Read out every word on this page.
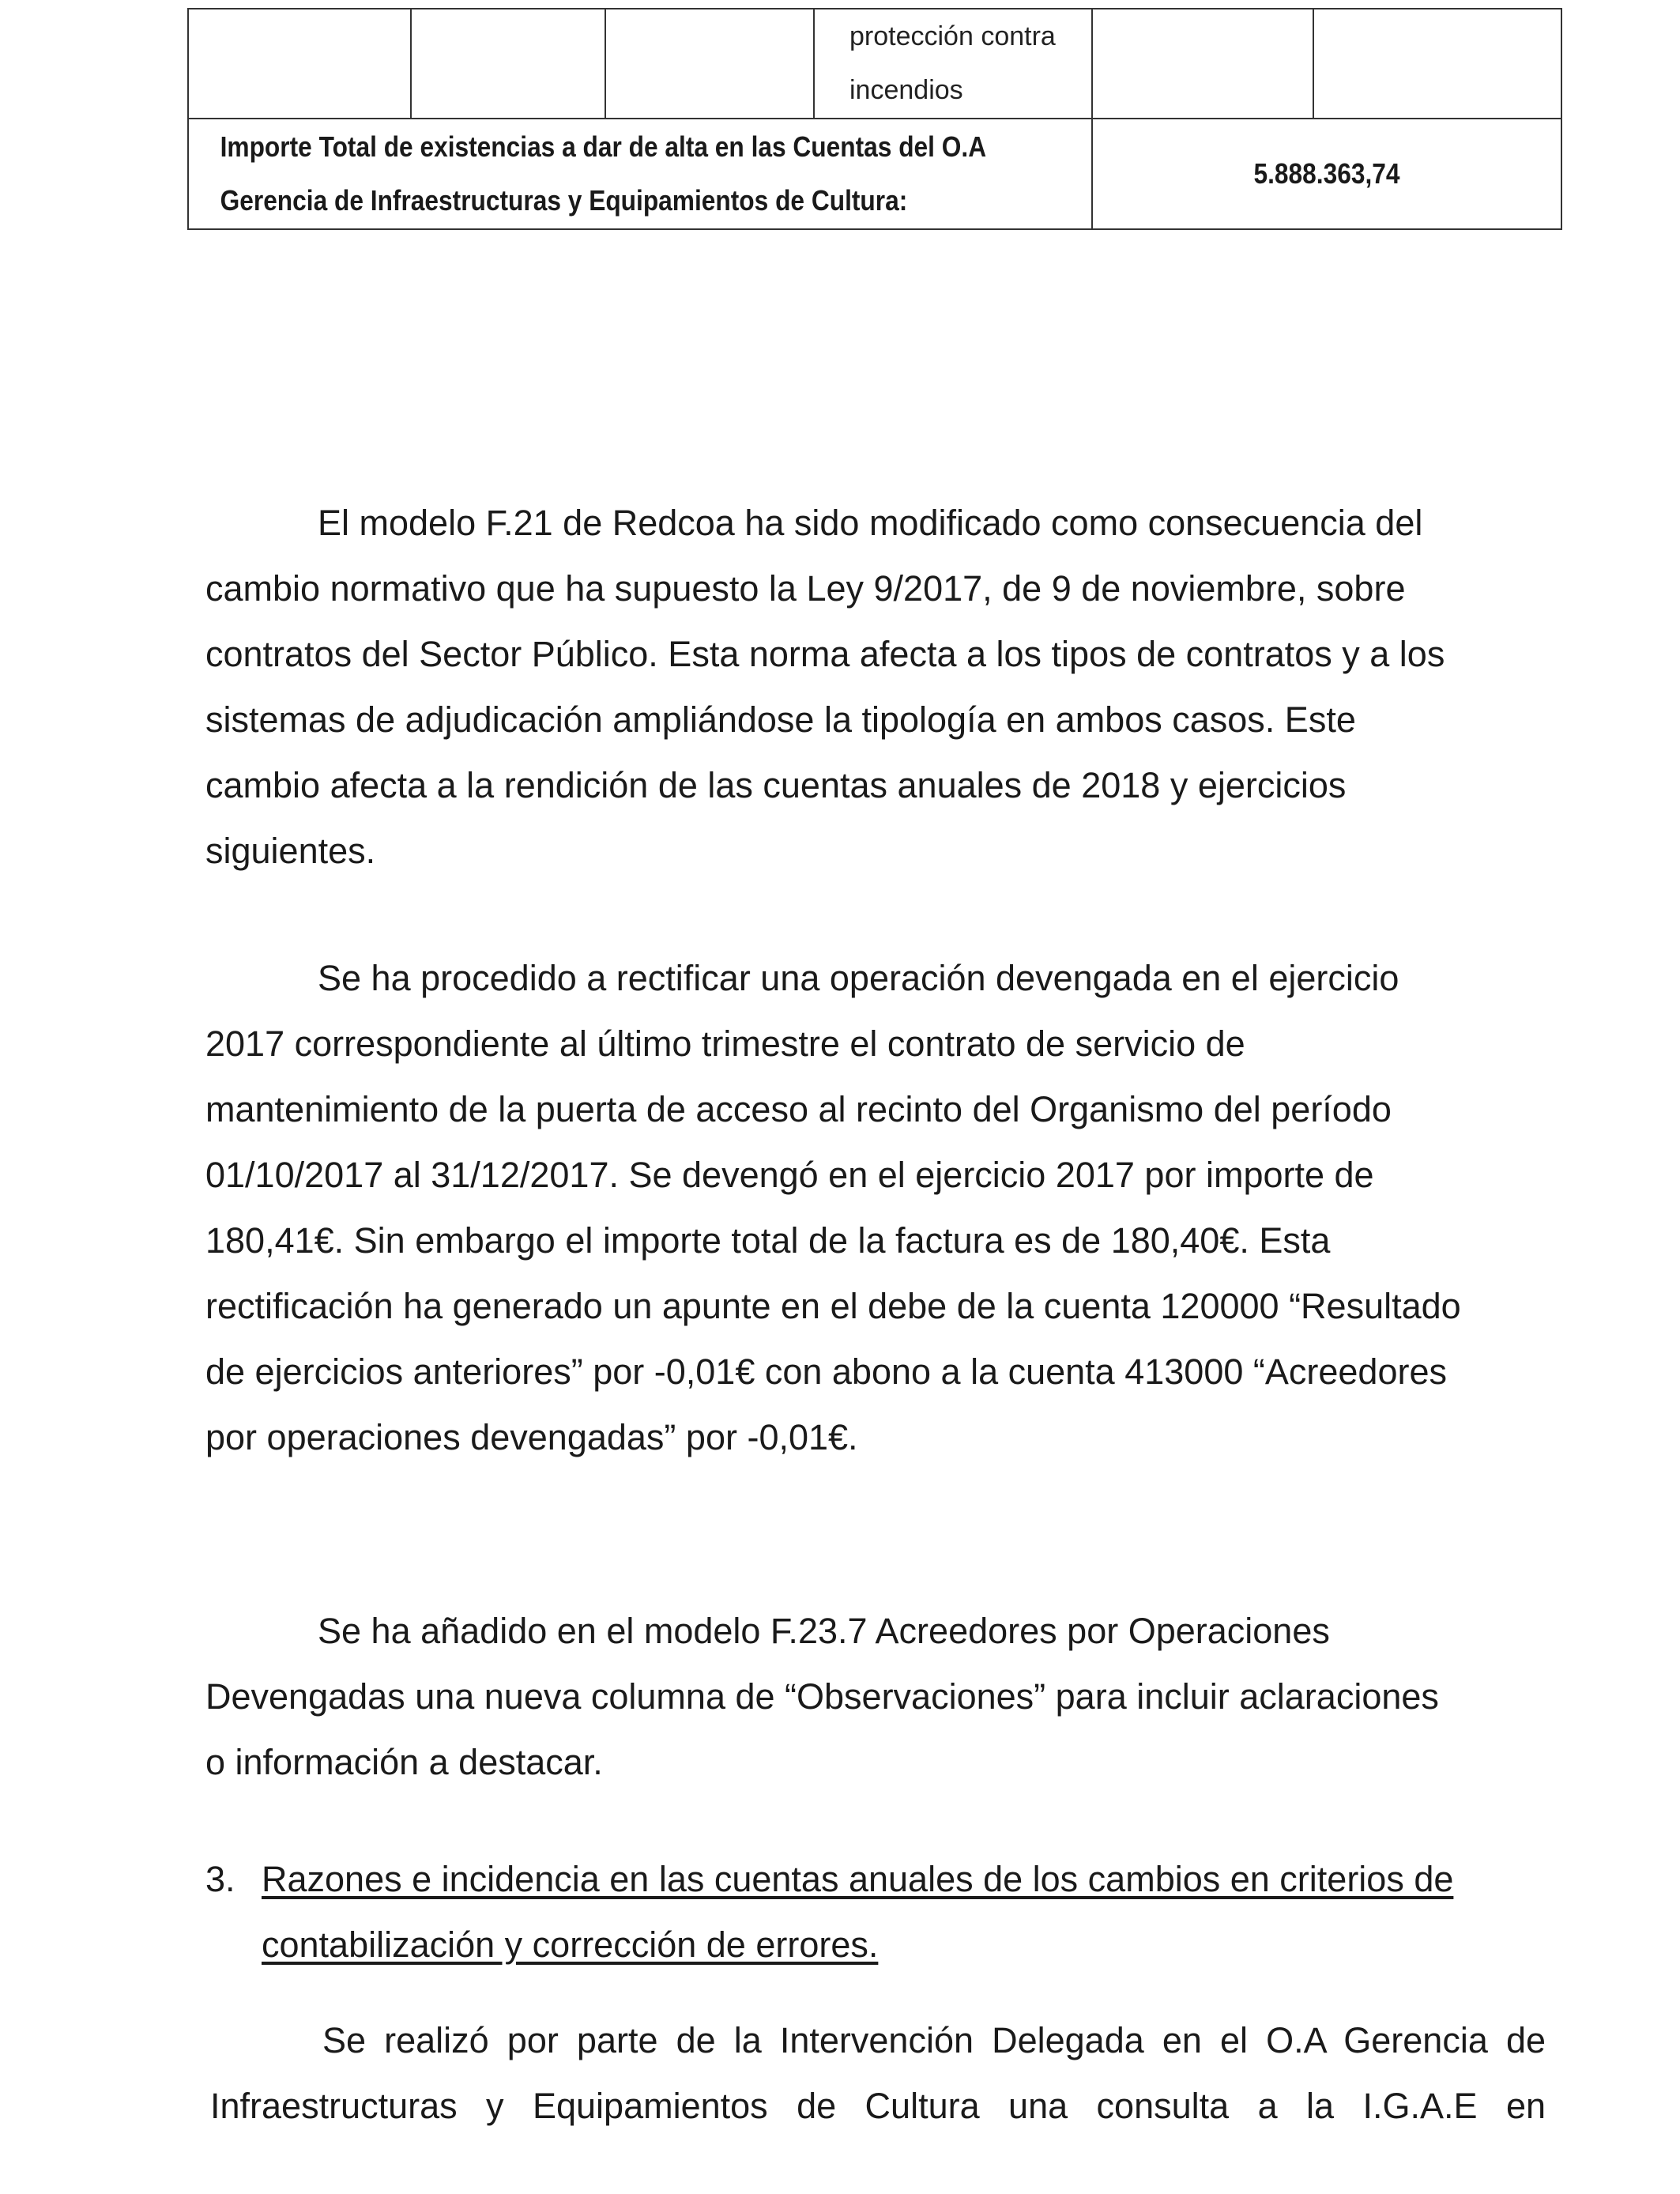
			protección contra
incendios		

Importe Total de existencias a dar de alta en las Cuentas del O.A
Gerencia de Infraestructuras y Equipamientos de Cultura:				5.888.363,74	
El modelo F.21 de Redcoa ha sido modificado como consecuencia del
cambio normativo que ha supuesto la Ley 9/2017, de 9 de noviembre, sobre
contratos del Sector Público. Esta norma afecta a los tipos de contratos y a los
sistemas de adjudicación ampliándose la tipología en ambos casos. Este
cambio afecta a la rendición de las cuentas anuales de 2018 y ejercicios
siguientes.
Se ha procedido a rectificar una operación devengada en el ejercicio
2017 correspondiente al último trimestre el contrato de servicio de
mantenimiento de la puerta de acceso al recinto del Organismo del período
01/10/2017 al 31/12/2017. Se devengó en el ejercicio 2017 por importe de
180,41€. Sin embargo el importe total de la factura es de 180,40€. Esta
rectificación ha generado un apunte en el debe de la cuenta 120000 “Resultado
de ejercicios anteriores” por -0,01€ con abono a la cuenta 413000 “Acreedores
por operaciones devengadas” por -0,01€.
Se ha añadido en el modelo F.23.7 Acreedores por Operaciones
Devengadas una nueva columna de “Observaciones” para incluir aclaraciones
o información a destacar.
3. Razones e incidencia en las cuentas anuales de los cambios en criterios de
contabilización y corrección de errores.
Se realizó por parte de la Intervención Delegada en el O.A Gerencia de
Infraestructuras y Equipamientos de Cultura una consulta a la I.G.A.E en
